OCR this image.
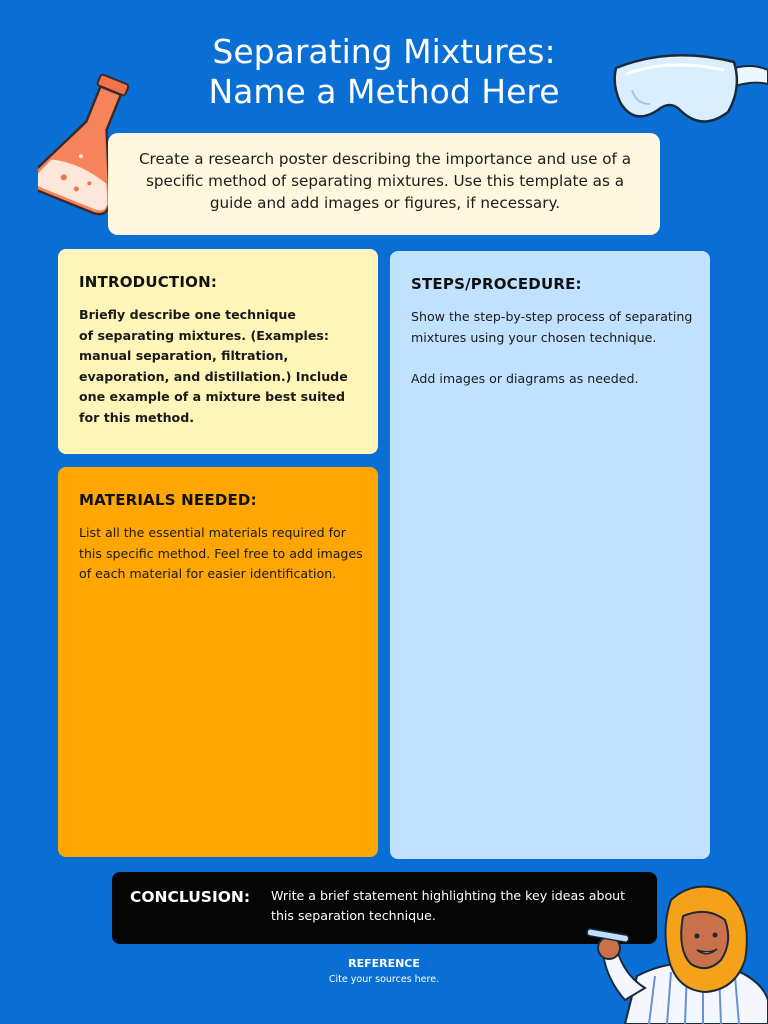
Separating Mixtures:
Name a Method Here
Create a research poster describing the importance and use of a specific method of separating mixtures. Use this template as a guide and add images or figures, if necessary.
INTRODUCTION:
Briefly describe one technique
of separating mixtures. (Examples: manual separation, filtration, evaporation, and distillation.) Include one example of a mixture best suited for this method.
MATERIALS NEEDED:
List all the essential materials required for this specific method. Feel free to add images of each material for easier identification.
STEPS/PROCEDURE:
Show the step-by-step process of separating mixtures using your chosen technique.

Add images or diagrams as needed.
CONCLUSION: Write a brief statement highlighting the key ideas about this separation technique.
REFERENCE
Cite your sources here.
